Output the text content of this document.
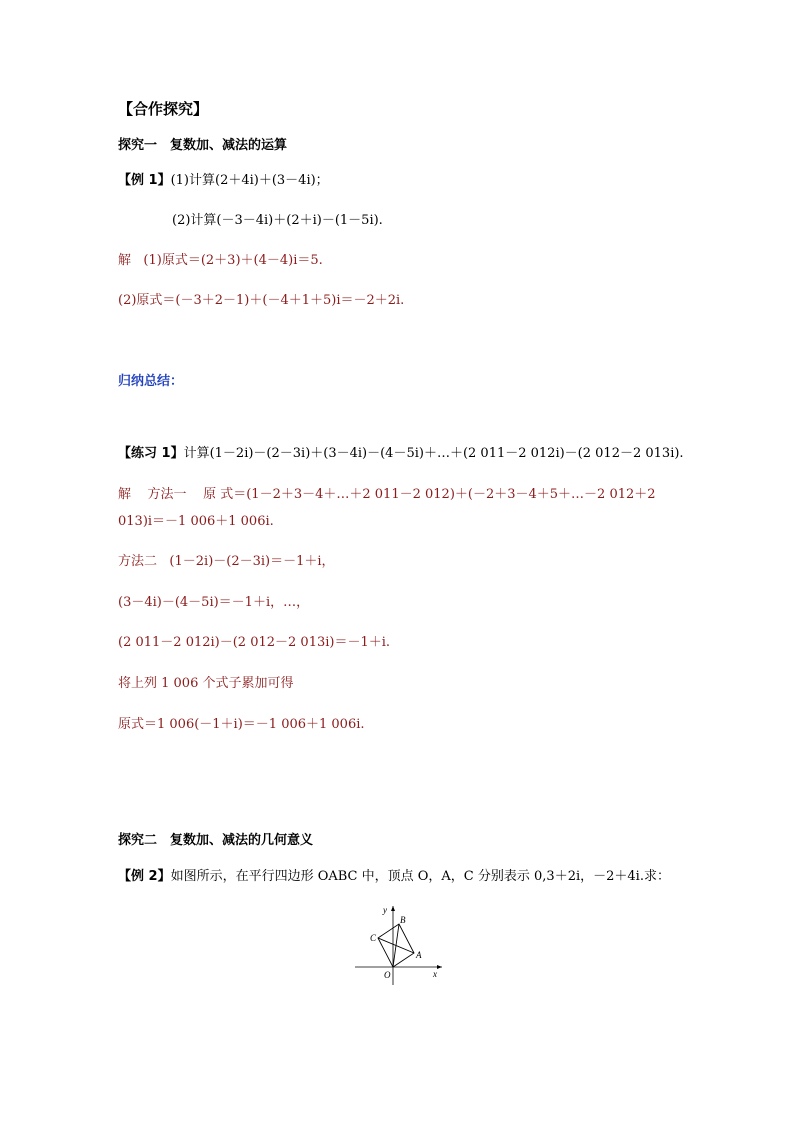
【合作探究】
探究一　复数加、减法的运算
【例 1】(1)计算(2＋4i)＋(3－4i)；
(2)计算(－3－4i)＋(2＋i)－(1－5i).
解 (1)原式＝(2＋3)＋(4－4)i＝5.
(2)原式＝(－3＋2－1)＋(－4＋1＋5)i＝－2＋2i.
归纳总结：
【练习 1】计算(1－2i)－(2－3i)＋(3－4i)－(4－5i)＋…＋(2 011－2 012i)－(2 012－2 013i).
解 方法一 原 式＝(1－2＋3－4＋…＋2 011－2 012)＋(－2＋3－4＋5＋…－2 012＋2
013)i＝－1 006＋1 006i.
方法二 (1－2i)－(2－3i)＝－1＋i，
(3－4i)－(4－5i)＝－1＋i，…，
(2 011－2 012i)－(2 012－2 013i)＝－1＋i.
将上列 1 006 个式子累加可得
原式＝1 006(－1＋i)＝－1 006＋1 006i.
探究二　复数加、减法的几何意义
【例 2】如图所示，在平行四边形 OABC 中，顶点 O，A，C 分别表示 0,3＋2i，－2＋4i.求：
y
x
O
A
B
C
